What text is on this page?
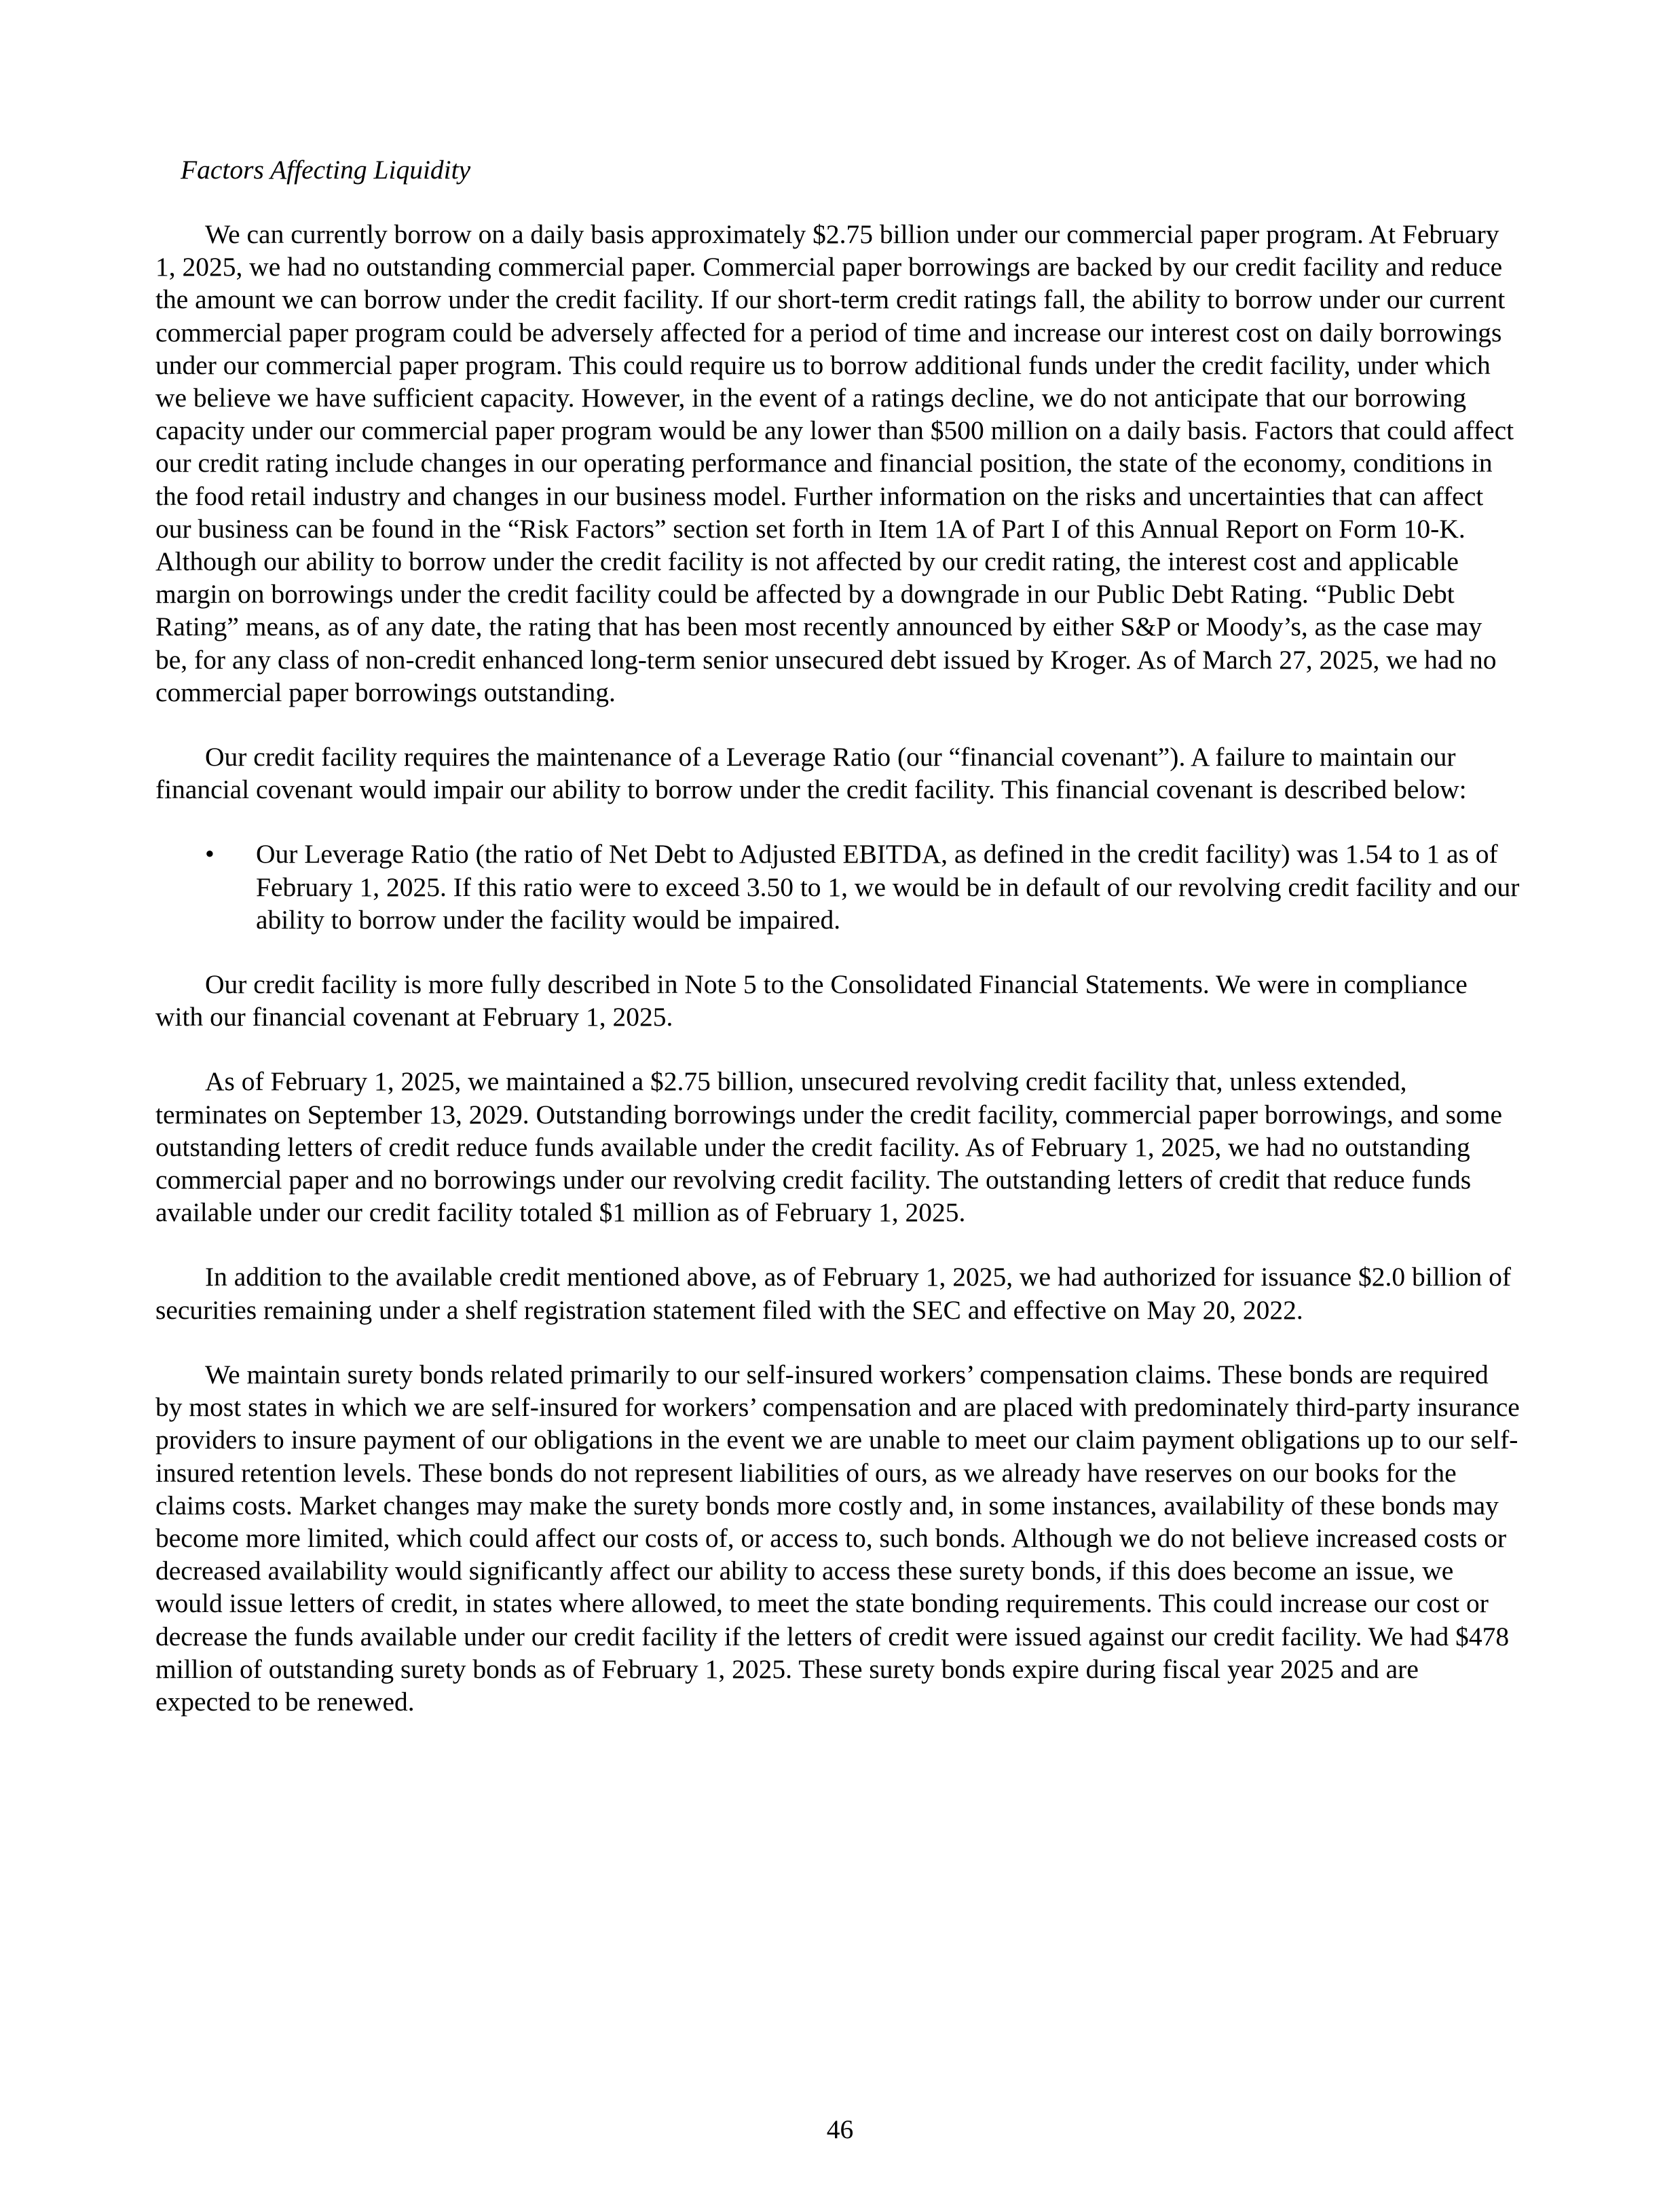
Factors Affecting Liquidity

We can currently borrow on a daily basis approximately $2.75 billion under our commercial paper program. At February 1, 2025, we had no outstanding commercial paper. Commercial paper borrowings are backed by our credit facility and reduce the amount we can borrow under the credit facility. If our short-term credit ratings fall, the ability to borrow under our current commercial paper program could be adversely affected for a period of time and increase our interest cost on daily borrowings under our commercial paper program. This could require us to borrow additional funds under the credit facility, under which we believe we have sufficient capacity. However, in the event of a ratings decline, we do not anticipate that our borrowing capacity under our commercial paper program would be any lower than $500 million on a daily basis. Factors that could affect our credit rating include changes in our operating performance and financial position, the state of the economy, conditions in the food retail industry and changes in our business model. Further information on the risks and uncertainties that can affect our business can be found in the “Risk Factors” section set forth in Item 1A of Part I of this Annual Report on Form 10-K. Although our ability to borrow under the credit facility is not affected by our credit rating, the interest cost and applicable margin on borrowings under the credit facility could be affected by a downgrade in our Public Debt Rating. “Public Debt Rating” means, as of any date, the rating that has been most recently announced by either S&P or Moody’s, as the case may be, for any class of non-credit enhanced long-term senior unsecured debt issued by Kroger. As of March 27, 2025, we had no commercial paper borrowings outstanding.

Our credit facility requires the maintenance of a Leverage Ratio (our “financial covenant”). A failure to maintain our financial covenant would impair our ability to borrow under the credit facility. This financial covenant is described below:

•	Our Leverage Ratio (the ratio of Net Debt to Adjusted EBITDA, as defined in the credit facility) was 1.54 to 1 as of February 1, 2025. If this ratio were to exceed 3.50 to 1, we would be in default of our revolving credit facility and our ability to borrow under the facility would be impaired.

Our credit facility is more fully described in Note 5 to the Consolidated Financial Statements. We were in compliance with our financial covenant at February 1, 2025.

As of February 1, 2025, we maintained a $2.75 billion, unsecured revolving credit facility that, unless extended, terminates on September 13, 2029. Outstanding borrowings under the credit facility, commercial paper borrowings, and some outstanding letters of credit reduce funds available under the credit facility. As of February 1, 2025, we had no outstanding commercial paper and no borrowings under our revolving credit facility. The outstanding letters of credit that reduce funds available under our credit facility totaled $1 million as of February 1, 2025.

In addition to the available credit mentioned above, as of February 1, 2025, we had authorized for issuance $2.0 billion of securities remaining under a shelf registration statement filed with the SEC and effective on May 20, 2022.

We maintain surety bonds related primarily to our self-insured workers’ compensation claims. These bonds are required by most states in which we are self-insured for workers’ compensation and are placed with predominately third-party insurance providers to insure payment of our obligations in the event we are unable to meet our claim payment obligations up to our self-insured retention levels. These bonds do not represent liabilities of ours, as we already have reserves on our books for the claims costs. Market changes may make the surety bonds more costly and, in some instances, availability of these bonds may become more limited, which could affect our costs of, or access to, such bonds. Although we do not believe increased costs or decreased availability would significantly affect our ability to access these surety bonds, if this does become an issue, we would issue letters of credit, in states where allowed, to meet the state bonding requirements. This could increase our cost or decrease the funds available under our credit facility if the letters of credit were issued against our credit facility. We had $478 million of outstanding surety bonds as of February 1, 2025. These surety bonds expire during fiscal year 2025 and are expected to be renewed.

46
